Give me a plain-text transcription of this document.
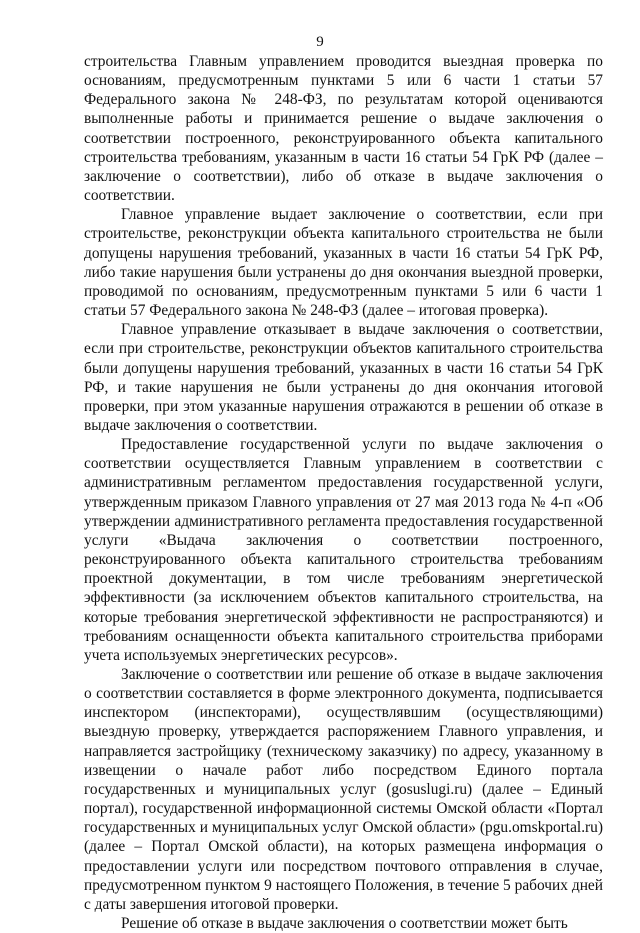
9

строительства Главным управлением проводится выездная проверка по основаниям, предусмотренным пунктами 5 или 6 части 1 статьи 57 Федерального закона № 248-ФЗ, по результатам которой оцениваются выполненные работы и принимается решение о выдаче заключения о соответствии построенного, реконструированного объекта капитального строительства требованиям, указанным в части 16 статьи 54 ГрК РФ (далее – заключение о соответствии), либо об отказе в выдаче заключения о соответствии.

Главное управление выдает заключение о соответствии, если при строительстве, реконструкции объекта капитального строительства не были допущены нарушения требований, указанных в части 16 статьи 54 ГрК РФ, либо такие нарушения были устранены до дня окончания выездной проверки, проводимой по основаниям, предусмотренным пунктами 5 или 6 части 1 статьи 57 Федерального закона № 248-ФЗ (далее – итоговая проверка).

Главное управление отказывает в выдаче заключения о соответствии, если при строительстве, реконструкции объектов капитального строительства были допущены нарушения требований, указанных в части 16 статьи 54 ГрК РФ, и такие нарушения не были устранены до дня окончания итоговой проверки, при этом указанные нарушения отражаются в решении об отказе в выдаче заключения о соответствии.

Предоставление государственной услуги по выдаче заключения о соответствии осуществляется Главным управлением в соответствии с административным регламентом предоставления государственной услуги, утвержденным приказом Главного управления от 27 мая 2013 года № 4-п «Об утверждении административного регламента предоставления государственной услуги «Выдача заключения о соответствии построенного, реконструированного объекта капитального строительства требованиям проектной документации, в том числе требованиям энергетической эффективности (за исключением объектов капитального строительства, на которые требования энергетической эффективности не распространяются) и требованиям оснащенности объекта капитального строительства приборами учета используемых энергетических ресурсов».

Заключение о соответствии или решение об отказе в выдаче заключения о соответствии составляется в форме электронного документа, подписывается инспектором (инспекторами), осуществлявшим (осуществляющими) выездную проверку, утверждается распоряжением Главного управления, и направляется застройщику (техническому заказчику) по адресу, указанному в извещении о начале работ либо посредством Единого портала государственных и муниципальных услуг (gosuslugi.ru) (далее – Единый портал), государственной информационной системы Омской области «Портал государственных и муниципальных услуг Омской области» (pgu.omskportal.ru) (далее – Портал Омской области), на которых размещена информация о предоставлении услуги или посредством почтового отправления в случае, предусмотренном пунктом 9 настоящего Положения, в течение 5 рабочих дней с даты завершения итоговой проверки.

Решение об отказе в выдаче заключения о соответствии может быть
